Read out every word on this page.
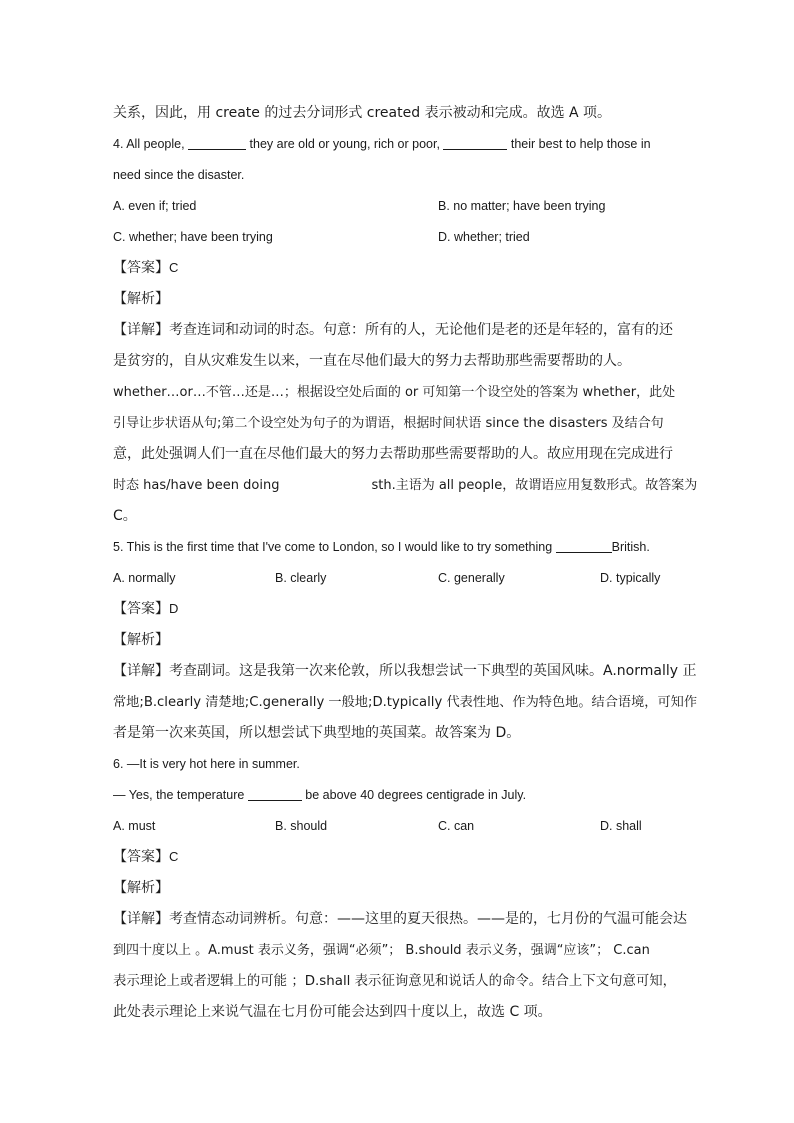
关系，因此，用 create 的过去分词形式 created 表示被动和完成。故选 A 项。
4. All people,	they are old or young, rich or poor,	their best to help those in
need since the disaster.
A. even if; tried	B. no matter; have been trying
C. whether; have been trying	D. whether; tried
【答案】C
【解析】
【详解】考查连词和动词的时态。句意：所有的人，无论他们是老的还是年轻的，富有的还
是贫穷的，自从灾难发生以来，一直在尽他们最大的努力去帮助那些需要帮助的人。
whether…or…不管…还是…；根据设空处后面的 or 可知第一个设空处的答案为 whether，此处
引导让步状语从句;第二个设空处为句子的为谓语，根据时间状语 since the disasters 及结合句
意，此处强调人们一直在尽他们最大的努力去帮助那些需要帮助的人。故应用现在完成进行
时态 has/have been doing	sth.主语为 all people，故谓语应用复数形式。故答案为
C。
5. This is the first time that I've come to London, so I would like to try something	British.
A. normally	B. clearly	C. generally	D. typically
【答案】D
【解析】
【详解】考查副词。这是我第一次来伦敦，所以我想尝试一下典型的英国风味。A.normally 正
常地;B.clearly 清楚地;C.generally 一般地;D.typically 代表性地、作为特色地。结合语境，可知作
者是第一次来英国，所以想尝试下典型地的英国菜。故答案为 D。
6. —It is very hot here in summer.
— Yes, the temperature	be above 40 degrees centigrade in July.
A. must	B. should	C. can	D. shall
【答案】C
【解析】
【详解】考查情态动词辨析。句意：——这里的夏天很热。——是的，七月份的气温可能会达
到四十度以上 。A.must 表示义务，强调“必须”； B.should 表示义务，强调“应该”； C.can
表示理论上或者逻辑上的可能 ；D.shall 表示征询意见和说话人的命令。结合上下文句意可知，
此处表示理论上来说气温在七月份可能会达到四十度以上，故选 C 项。
